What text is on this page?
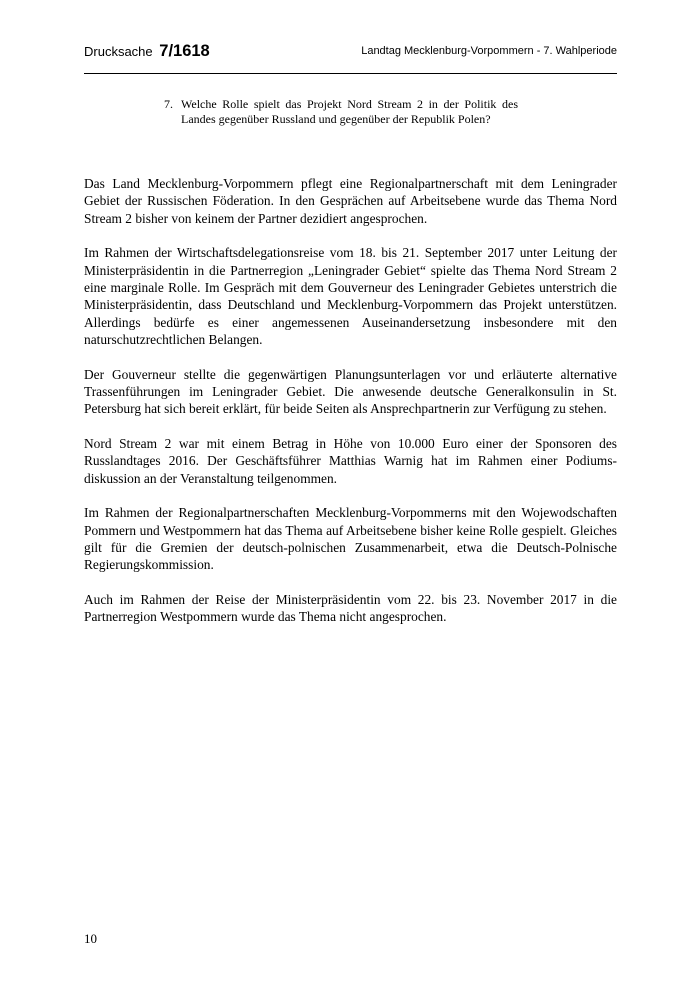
Drucksache 7/1618	Landtag Mecklenburg-Vorpommern - 7. Wahlperiode
7. Welche Rolle spielt das Projekt Nord Stream 2 in der Politik des Landes gegenüber Russland und gegenüber der Republik Polen?

Das Land Mecklenburg-Vorpommern pflegt eine Regionalpartnerschaft mit dem Leningrader Gebiet der Russischen Föderation. In den Gesprächen auf Arbeitsebene wurde das Thema Nord Stream 2 bisher von keinem der Partner dezidiert angesprochen.

Im Rahmen der Wirtschaftsdelegationsreise vom 18. bis 21. September 2017 unter Leitung der Ministerpräsidentin in die Partnerregion „Leningrader Gebiet“ spielte das Thema Nord Stream 2 eine marginale Rolle. Im Gespräch mit dem Gouverneur des Leningrader Gebietes unterstrich die Ministerpräsidentin, dass Deutschland und Mecklenburg-Vorpommern das Projekt unterstützen. Allerdings bedürfe es einer angemessenen Auseinandersetzung insbesondere mit den naturschutzrechtlichen Belangen.

Der Gouverneur stellte die gegenwärtigen Planungsunterlagen vor und erläuterte alternative Trassenführungen im Leningrader Gebiet. Die anwesende deutsche Generalkonsulin in St. Petersburg hat sich bereit erklärt, für beide Seiten als Ansprechpartnerin zur Verfügung zu stehen.

Nord Stream 2 war mit einem Betrag in Höhe von 10.000 Euro einer der Sponsoren des Russlandtages 2016. Der Geschäftsführer Matthias Warnig hat im Rahmen einer Podiumsdiskussion an der Veranstaltung teilgenommen.

Im Rahmen der Regionalpartnerschaften Mecklenburg-Vorpommerns mit den Wojewodschaften Pommern und Westpommern hat das Thema auf Arbeitsebene bisher keine Rolle gespielt. Gleiches gilt für die Gremien der deutsch-polnischen Zusammenarbeit, etwa die Deutsch-Polnische Regierungskommission.

Auch im Rahmen der Reise der Ministerpräsidentin vom 22. bis 23. November 2017 in die Partnerregion Westpommern wurde das Thema nicht angesprochen.

10
